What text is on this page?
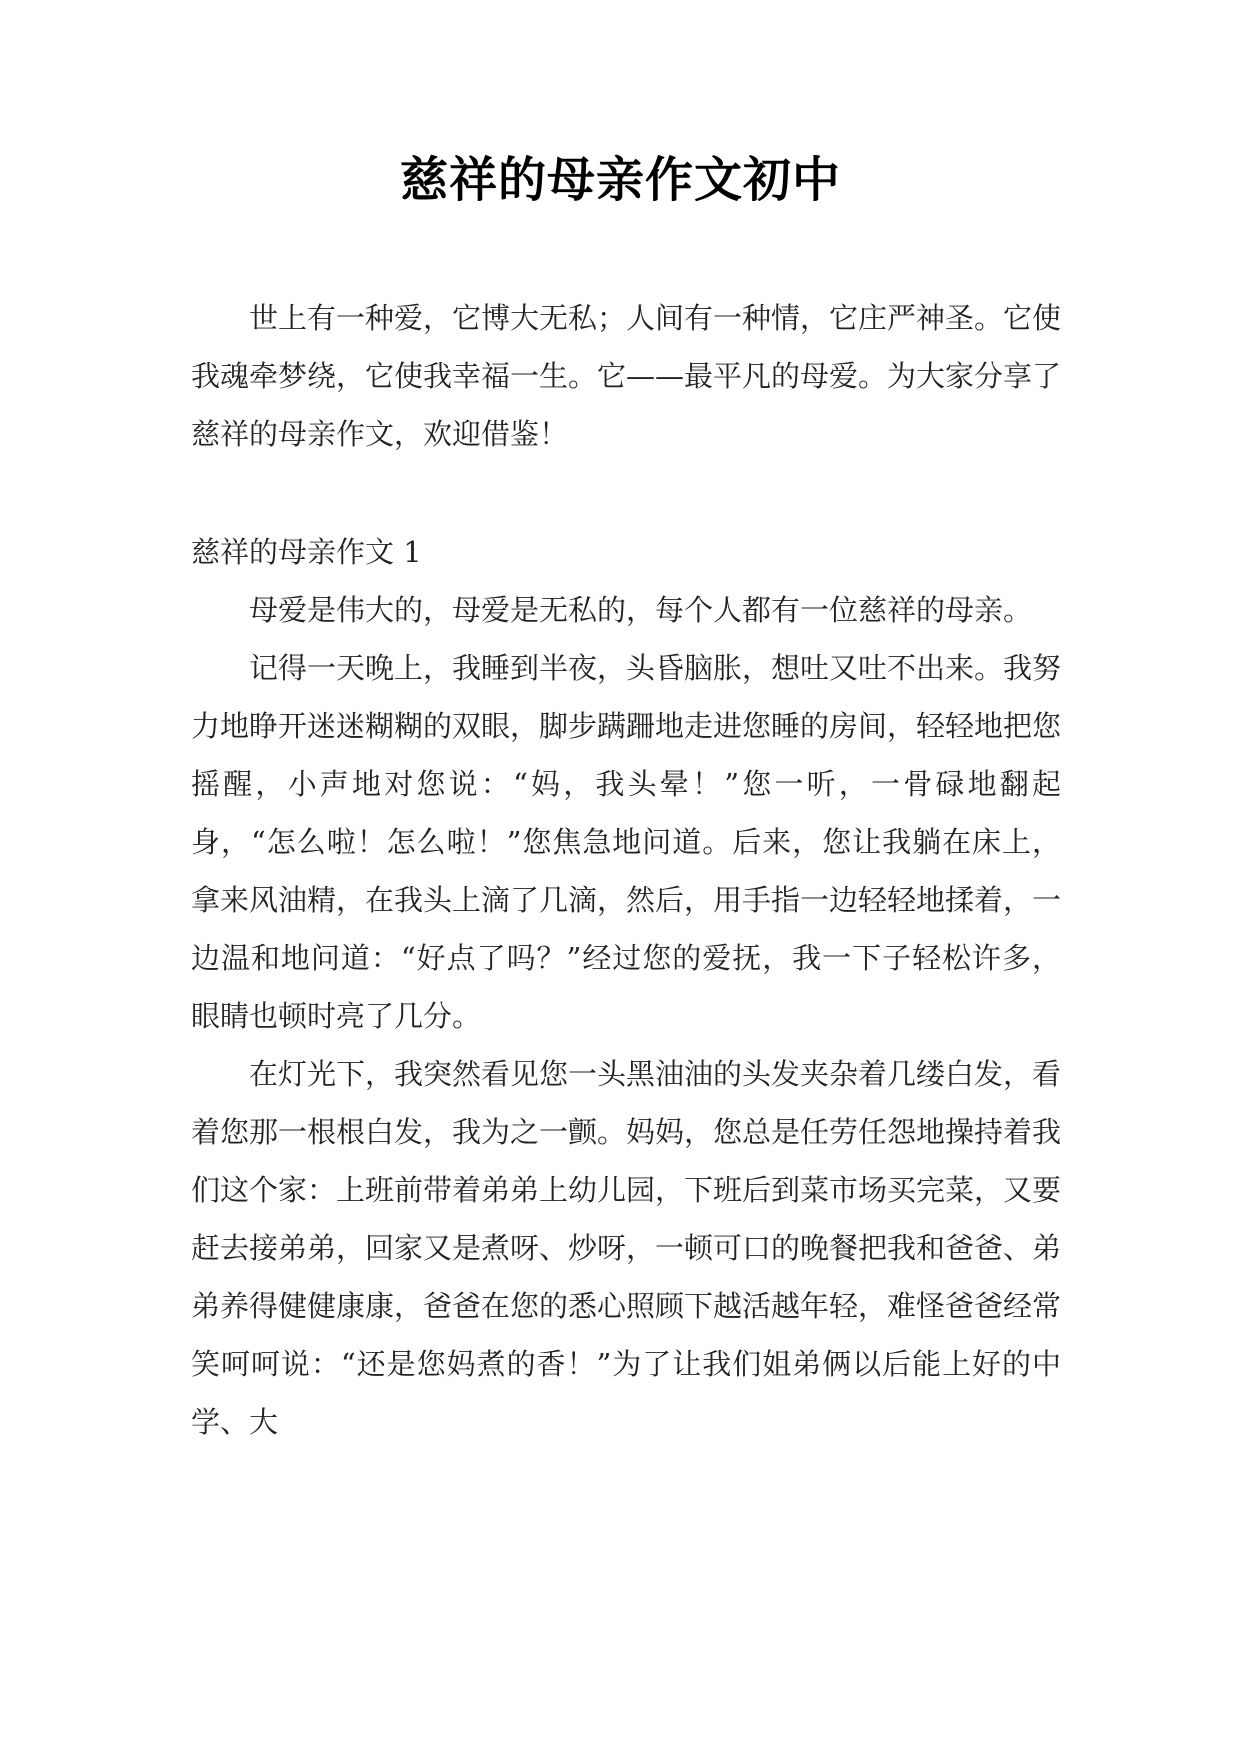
慈祥的母亲作文初中

世上有一种爱，它博大无私；人间有一种情，它庄严神圣。它使我魂牵梦绕，它使我幸福一生。它——最平凡的母爱。为大家分享了慈祥的母亲作文，欢迎借鉴！

慈祥的母亲作文 1

母爱是伟大的，母爱是无私的，每个人都有一位慈祥的母亲。

记得一天晚上，我睡到半夜，头昏脑胀，想吐又吐不出来。我努力地睁开迷迷糊糊的双眼，脚步蹒跚地走进您睡的房间，轻轻地把您摇醒，小声地对您说：“妈，我头晕！”您一听，一骨碌地翻起身，“怎么啦！怎么啦！”您焦急地问道。后来，您让我躺在床上，拿来风油精，在我头上滴了几滴，然后，用手指一边轻轻地揉着，一边温和地问道：“好点了吗？”经过您的爱抚，我一下子轻松许多，眼睛也顿时亮了几分。

在灯光下，我突然看见您一头黑油油的头发夹杂着几缕白发，看着您那一根根白发，我为之一颤。妈妈，您总是任劳任怨地操持着我们这个家：上班前带着弟弟上幼儿园，下班后到菜市场买完菜，又要赶去接弟弟，回家又是煮呀、炒呀，一顿可口的晚餐把我和爸爸、弟弟养得健健康康，爸爸在您的悉心照顾下越活越年轻，难怪爸爸经常笑呵呵说：“还是您妈煮的香！”为了让我们姐弟俩以后能上好的中学、大
